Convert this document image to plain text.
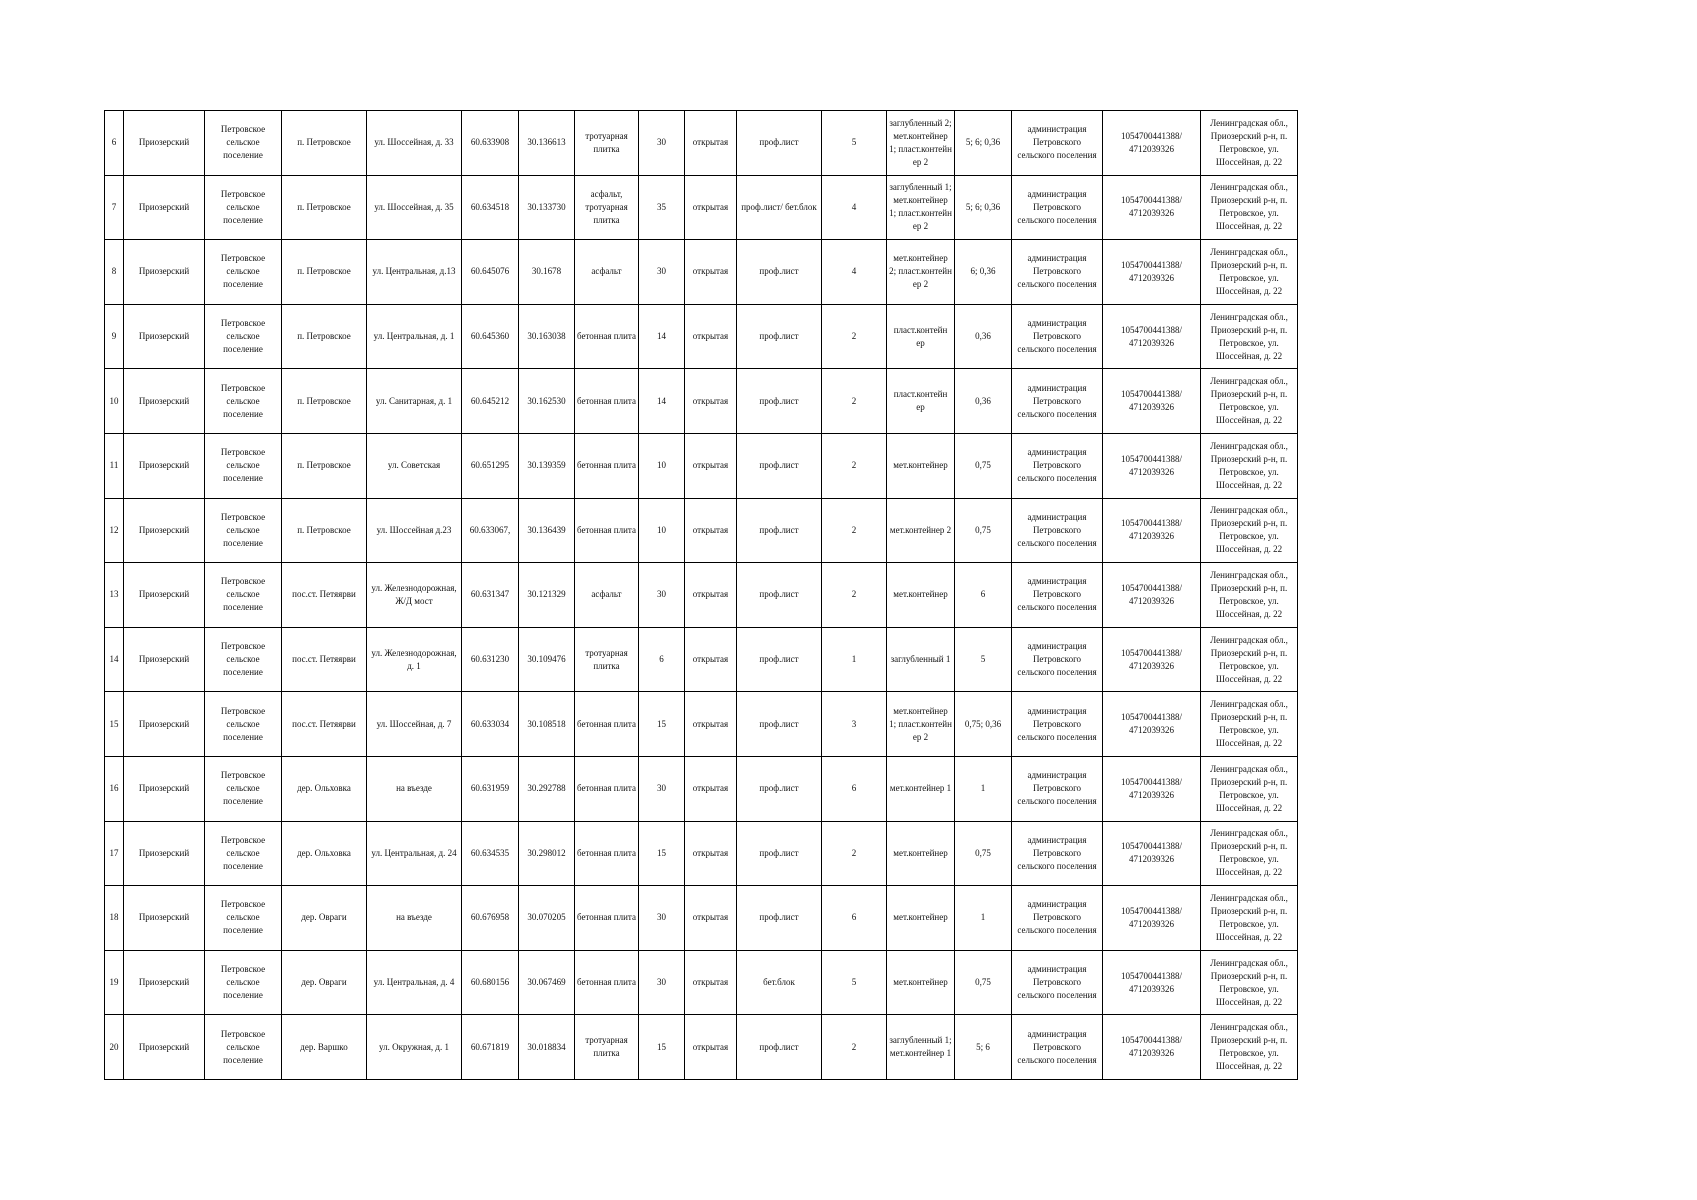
6	Приозерский	Петровское сельское поселение	п. Петровское	ул. Шоссейная, д. 33	60.633908	30.136613	тротуарная плитка	30	открытая	проф.лист	5	заглубленный 2; мет.контейнер 1; пласт.контейн ер 2	5; 6; 0,36	администрация Петровского сельского поселения	1054700441388/ 4712039326	Ленинградская обл., Приозерский р-н, п. Петровское, ул. Шоссейная, д. 22
7	Приозерский	Петровское сельское поселение	п. Петровское	ул. Шоссейная, д. 35	60.634518	30.133730	асфальт, тротуарная плитка	35	открытая	проф.лист/ бет.блок	4	заглубленный 1; мет.контейнер 1; пласт.контейн ер 2	5; 6; 0,36	администрация Петровского сельского поселения	1054700441388/ 4712039326	Ленинградская обл., Приозерский р-н, п. Петровское, ул. Шоссейная, д. 22
8	Приозерский	Петровское сельское поселение	п. Петровское	ул. Центральная, д.13	60.645076	30.1678	асфальт	30	открытая	проф.лист	4	мет.контейнер 2; пласт.контейн ер 2	6; 0,36	администрация Петровского сельского поселения	1054700441388/ 4712039326	Ленинградская обл., Приозерский р-н, п. Петровское, ул. Шоссейная, д. 22
9	Приозерский	Петровское сельское поселение	п. Петровское	ул. Центральная, д. 1	60.645360	30.163038	бетонная плита	14	открытая	проф.лист	2	пласт.контейн ер	0,36	администрация Петровского сельского поселения	1054700441388/ 4712039326	Ленинградская обл., Приозерский р-н, п. Петровское, ул. Шоссейная, д. 22
10	Приозерский	Петровское сельское поселение	п. Петровское	ул. Санитарная, д. 1	60.645212	30.162530	бетонная плита	14	открытая	проф.лист	2	пласт.контейн ер	0,36	администрация Петровского сельского поселения	1054700441388/ 4712039326	Ленинградская обл., Приозерский р-н, п. Петровское, ул. Шоссейная, д. 22
11	Приозерский	Петровское сельское поселение	п. Петровское	ул. Советская	60.651295	30.139359	бетонная плита	10	открытая	проф.лист	2	мет.контейнер	0,75	администрация Петровского сельского поселения	1054700441388/ 4712039326	Ленинградская обл., Приозерский р-н, п. Петровское, ул. Шоссейная, д. 22
12	Приозерский	Петровское сельское поселение	п. Петровское	ул. Шоссейная д.23	60.633067,	30.136439	бетонная плита	10	открытая	проф.лист	2	мет.контейнер 2	0,75	администрация Петровского сельского поселения	1054700441388/ 4712039326	Ленинградская обл., Приозерский р-н, п. Петровское, ул. Шоссейная, д. 22
13	Приозерский	Петровское сельское поселение	пос.ст. Петяярви	ул. Железнодорожная, Ж/Д мост	60.631347	30.121329	асфальт	30	открытая	проф.лист	2	мет.контейнер	6	администрация Петровского сельского поселения	1054700441388/ 4712039326	Ленинградская обл., Приозерский р-н, п. Петровское, ул. Шоссейная, д. 22
14	Приозерский	Петровское сельское поселение	пос.ст. Петяярви	ул. Железнодорожная, д. 1	60.631230	30.109476	тротуарная плитка	6	открытая	проф.лист	1	заглубленный 1	5	администрация Петровского сельского поселения	1054700441388/ 4712039326	Ленинградская обл., Приозерский р-н, п. Петровское, ул. Шоссейная, д. 22
15	Приозерский	Петровское сельское поселение	пос.ст. Петяярви	ул. Шоссейная, д. 7	60.633034	30.108518	бетонная плита	15	открытая	проф.лист	3	мет.контейнер 1; пласт.контейн ер 2	0,75; 0,36	администрация Петровского сельского поселения	1054700441388/ 4712039326	Ленинградская обл., Приозерский р-н, п. Петровское, ул. Шоссейная, д. 22
16	Приозерский	Петровское сельское поселение	дер. Ольховка	на въезде	60.631959	30.292788	бетонная плита	30	открытая	проф.лист	6	мет.контейнер 1	1	администрация Петровского сельского поселения	1054700441388/ 4712039326	Ленинградская обл., Приозерский р-н, п. Петровское, ул. Шоссейная, д. 22
17	Приозерский	Петровское сельское поселение	дер. Ольховка	ул. Центральная, д. 24	60.634535	30.298012	бетонная плита	15	открытая	проф.лист	2	мет.контейнер	0,75	администрация Петровского сельского поселения	1054700441388/ 4712039326	Ленинградская обл., Приозерский р-н, п. Петровское, ул. Шоссейная, д. 22
18	Приозерский	Петровское сельское поселение	дер. Овраги	на въезде	60.676958	30.070205	бетонная плита	30	открытая	проф.лист	6	мет.контейнер	1	администрация Петровского сельского поселения	1054700441388/ 4712039326	Ленинградская обл., Приозерский р-н, п. Петровское, ул. Шоссейная, д. 22
19	Приозерский	Петровское сельское поселение	дер. Овраги	ул. Центральная, д. 4	60.680156	30.067469	бетонная плита	30	открытая	бет.блок	5	мет.контейнер	0,75	администрация Петровского сельского поселения	1054700441388/ 4712039326	Ленинградская обл., Приозерский р-н, п. Петровское, ул. Шоссейная, д. 22
20	Приозерский	Петровское сельское поселение	дер. Варшко	ул. Окружная, д. 1	60.671819	30.018834	тротуарная плитка	15	открытая	проф.лист	2	заглубленный 1; мет.контейнер 1	5; 6	администрация Петровского сельского поселения	1054700441388/ 4712039326	Ленинградская обл., Приозерский р-н, п. Петровское, ул. Шоссейная, д. 22
